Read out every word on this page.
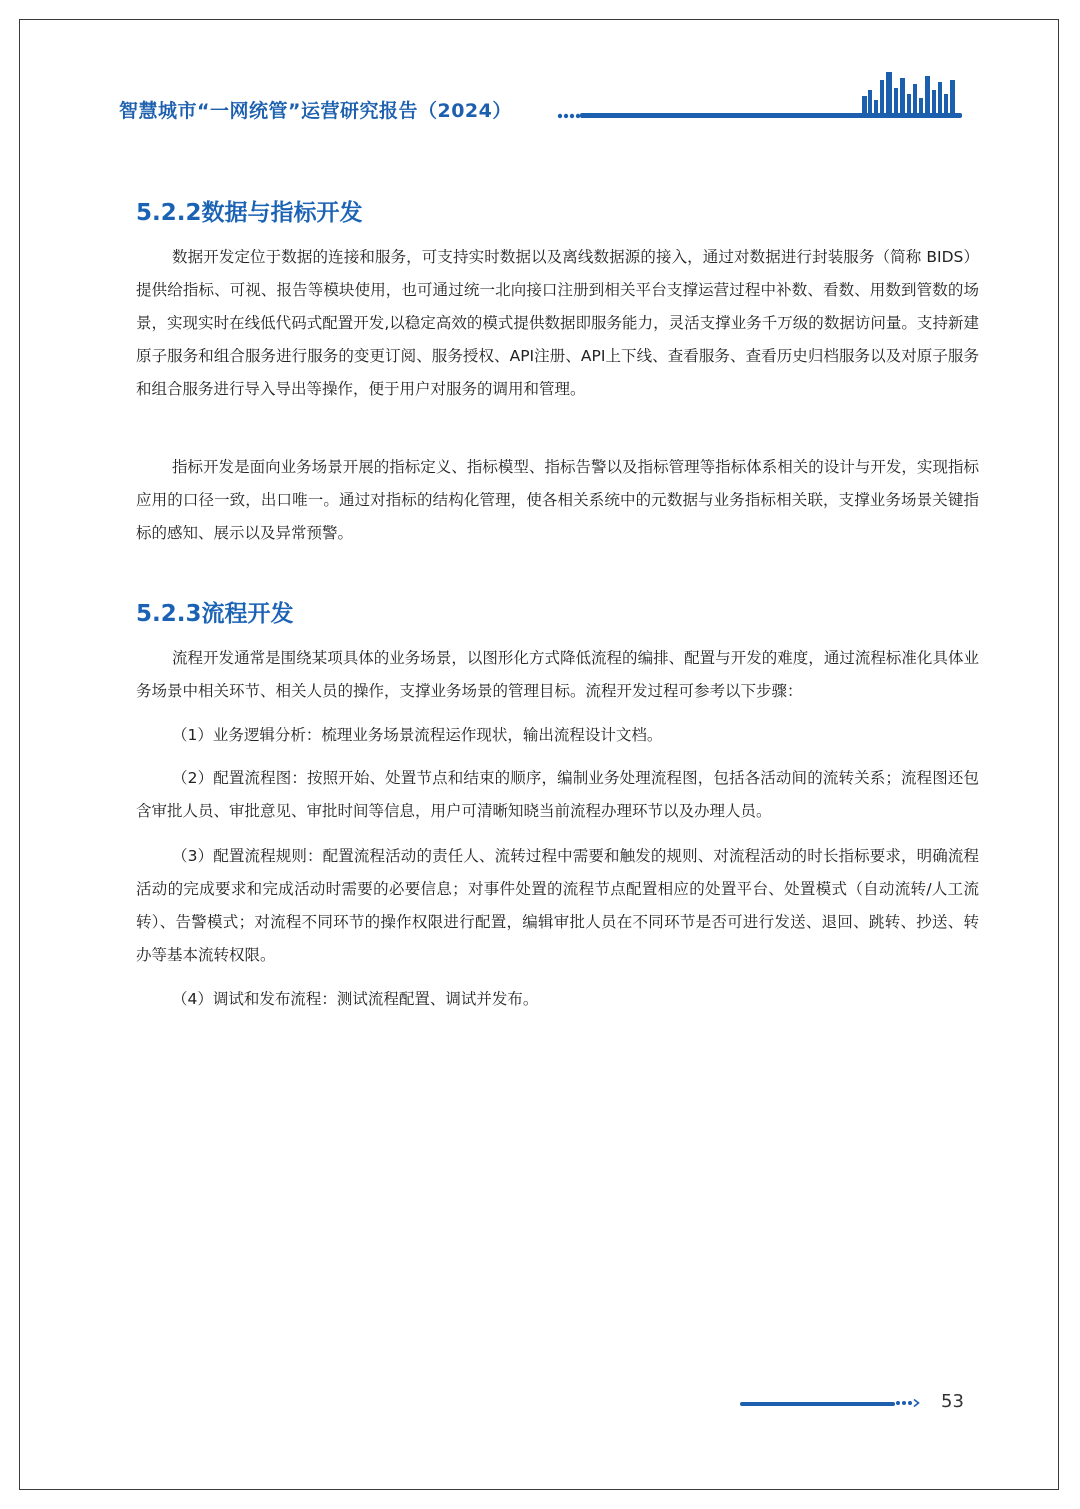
智慧城市“一网统管”运营研究报告（2024）
5.2.2数据与指标开发

数据开发定位于数据的连接和服务，可支持实时数据以及离线数据源的接入，通过对数据进行封装服务（简称 BIDS）提供给指标、可视、报告等模块使用，也可通过统一北向接口注册到相关平台支撑运营过程中补数、看数、用数到管数的场景，实现实时在线低代码式配置开发,以稳定高效的模式提供数据即服务能力，灵活支撑业务千万级的数据访问量。支持新建原子服务和组合服务进行服务的变更订阅、服务授权、API注册、API上下线、查看服务、查看历史归档服务以及对原子服务和组合服务进行导入导出等操作，便于用户对服务的调用和管理。

指标开发是面向业务场景开展的指标定义、指标模型、指标告警以及指标管理等指标体系相关的设计与开发，实现指标应用的口径一致，出口唯一。通过对指标的结构化管理，使各相关系统中的元数据与业务指标相关联，支撑业务场景关键指标的感知、展示以及异常预警。

5.2.3流程开发

流程开发通常是围绕某项具体的业务场景，以图形化方式降低流程的编排、配置与开发的难度，通过流程标准化具体业务场景中相关环节、相关人员的操作，支撑业务场景的管理目标。流程开发过程可参考以下步骤：

（1）业务逻辑分析：梳理业务场景流程运作现状，输出流程设计文档。

（2）配置流程图：按照开始、处置节点和结束的顺序，编制业务处理流程图，包括各活动间的流转关系；流程图还包含审批人员、审批意见、审批时间等信息，用户可清晰知晓当前流程办理环节以及办理人员。

（3）配置流程规则：配置流程活动的责任人、流转过程中需要和触发的规则、对流程活动的时长指标要求，明确流程活动的完成要求和完成活动时需要的必要信息；对事件处置的流程节点配置相应的处置平台、处置模式（自动流转/人工流转）、告警模式；对流程不同环节的操作权限进行配置，编辑审批人员在不同环节是否可进行发送、退回、跳转、抄送、转办等基本流转权限。

（4）调试和发布流程：测试流程配置、调试并发布。

53
